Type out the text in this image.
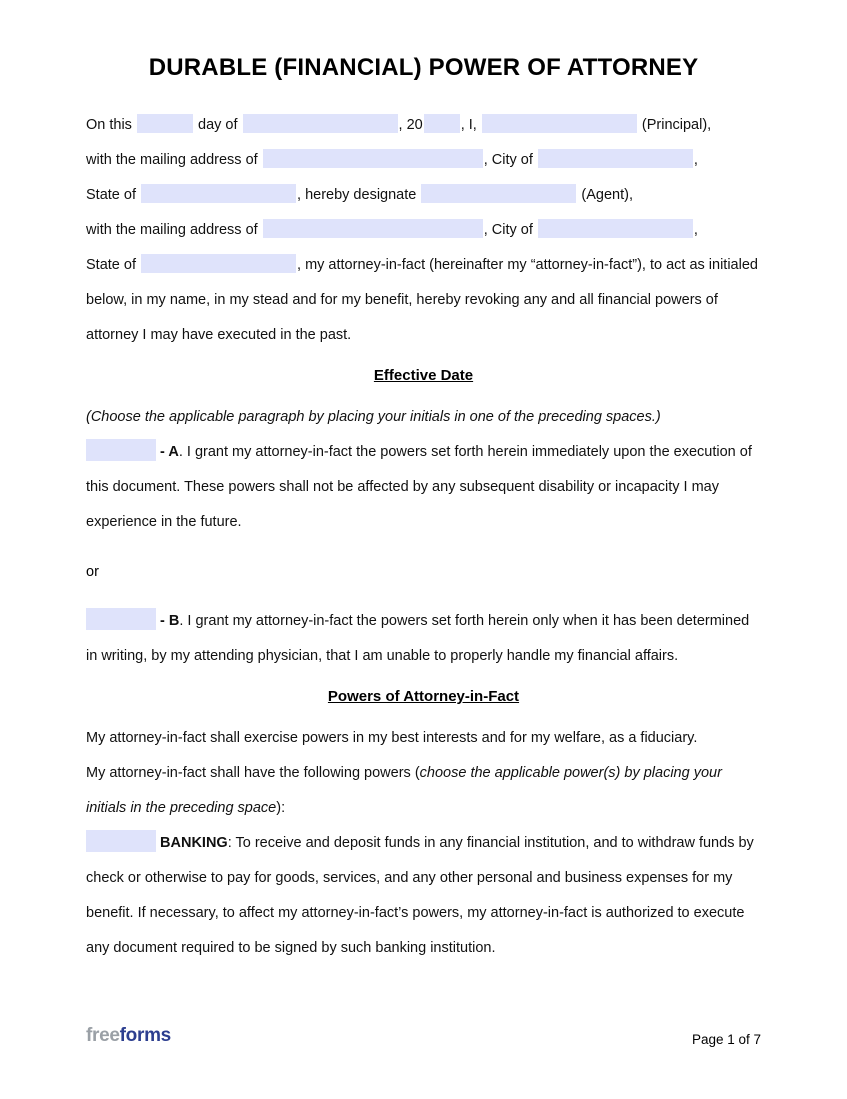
DURABLE (FINANCIAL) POWER OF ATTORNEY

On this	day of	, 20	, I,	(Principal),
with the mailing address of	, City of	,
State of	, hereby designate	(Agent),
with the mailing address of	, City of	,
State of	, my attorney-in-fact (hereinafter my “attorney-in-fact”), to act as initialed below, in my name, in my stead and for my benefit, hereby revoking any and all financial powers of attorney I may have executed in the past.

Effective Date

(Choose the applicable paragraph by placing your initials in one of the preceding spaces.)

- A. I grant my attorney-in-fact the powers set forth herein immediately upon the execution of this document. These powers shall not be affected by any subsequent disability or incapacity I may experience in the future.

or

- B. I grant my attorney-in-fact the powers set forth herein only when it has been determined in writing, by my attending physician, that I am unable to properly handle my financial affairs.

Powers of Attorney-in-Fact

My attorney-in-fact shall exercise powers in my best interests and for my welfare, as a fiduciary.

My attorney-in-fact shall have the following powers (choose the applicable power(s) by placing your initials in the preceding space):

BANKING: To receive and deposit funds in any financial institution, and to withdraw funds by check or otherwise to pay for goods, services, and any other personal and business expenses for my benefit. If necessary, to affect my attorney-in-fact’s powers, my attorney-in-fact is authorized to execute any document required to be signed by such banking institution.

freeforms	Page 1 of 7
